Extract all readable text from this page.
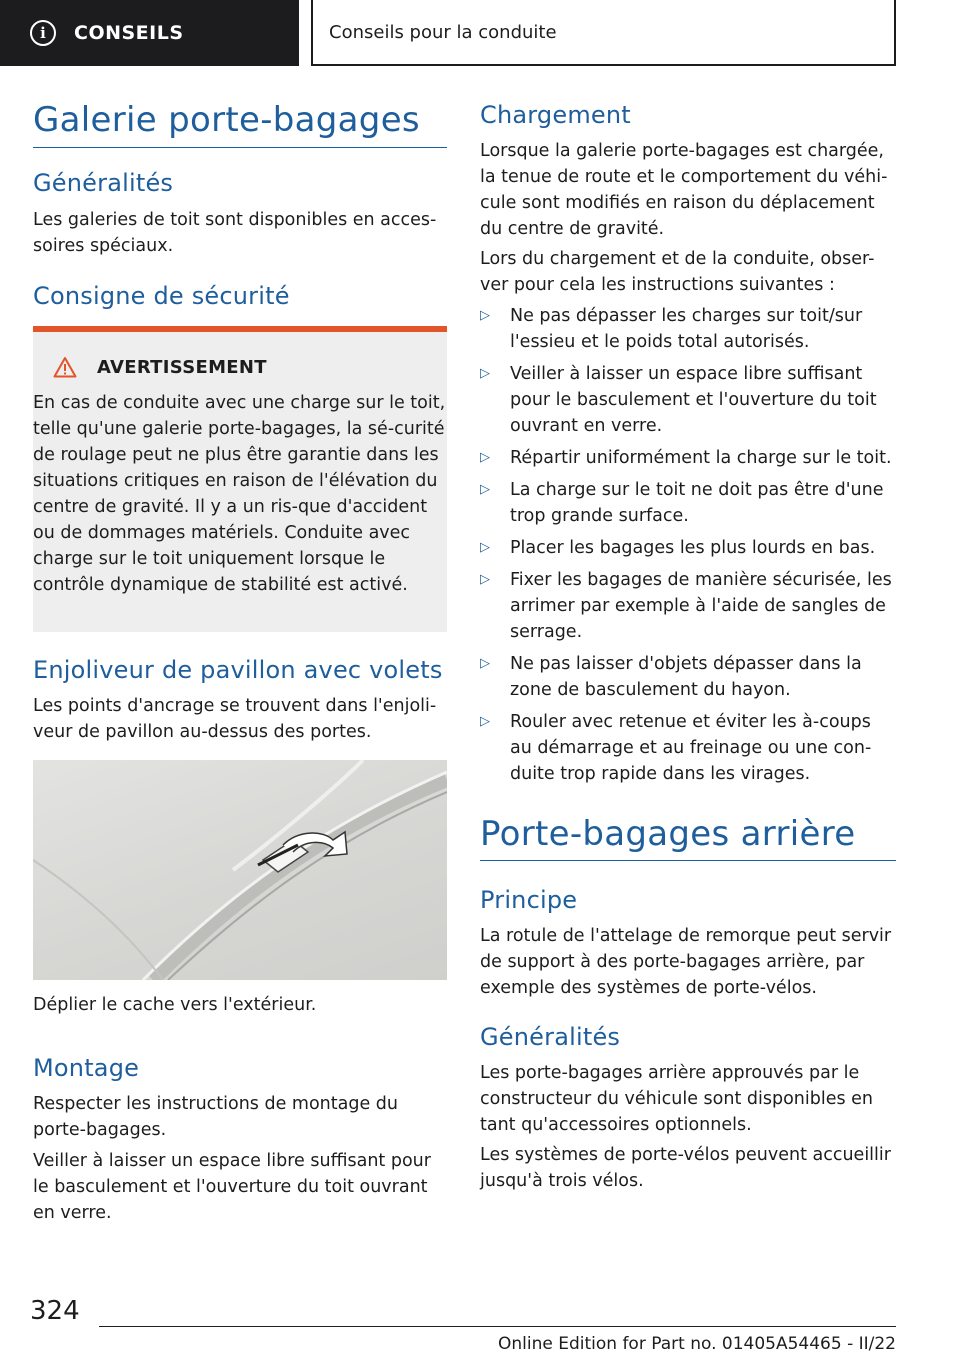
i	CONSEILS	Conseils pour la conduite
Galerie porte-bagages
Généralités
Les galeries de toit sont disponibles en acces-soires spéciaux.
Consigne de sécurité
AVERTISSEMENT
En cas de conduite avec une charge sur le toit, telle qu'une galerie porte-bagages, la sé-curité de roulage peut ne plus être garantie dans les situations critiques en raison de l'élévation du centre de gravité. Il y a un ris-que d'accident ou de dommages matériels. Conduite avec charge sur le toit uniquement lorsque le contrôle dynamique de stabilité est activé.
Enjoliveur de pavillon avec volets
Les points d'ancrage se trouvent dans l'enjoli-veur de pavillon au-dessus des portes.
Déplier le cache vers l'extérieur.
Montage
Respecter les instructions de montage du porte-bagages.
Veiller à laisser un espace libre suffisant pour le basculement et l'ouverture du toit ouvrant en verre.
Chargement
Lorsque la galerie porte-bagages est chargée, la tenue de route et le comportement du véhi-cule sont modifiés en raison du déplacement du centre de gravité.
Lors du chargement et de la conduite, obser-ver pour cela les instructions suivantes :
▷ Ne pas dépasser les charges sur toit/sur l'essieu et le poids total autorisés.
▷ Veiller à laisser un espace libre suffisant pour le basculement et l'ouverture du toit ouvrant en verre.
▷ Répartir uniformément la charge sur le toit.
▷ La charge sur le toit ne doit pas être d'une trop grande surface.
▷ Placer les bagages les plus lourds en bas.
▷ Fixer les bagages de manière sécurisée, les arrimer par exemple à l'aide de sangles de serrage.
▷ Ne pas laisser d'objets dépasser dans la zone de basculement du hayon.
▷ Rouler avec retenue et éviter les à-coups au démarrage et au freinage ou une con-duite trop rapide dans les virages.
Porte-bagages arrière
Principe
La rotule de l'attelage de remorque peut servir de support à des porte-bagages arrière, par exemple des systèmes de porte-vélos.
Généralités
Les porte-bagages arrière approuvés par le constructeur du véhicule sont disponibles en tant qu'accessoires optionnels.
Les systèmes de porte-vélos peuvent accueillir jusqu'à trois vélos.
324
Online Edition for Part no. 01405A54465 - II/22
